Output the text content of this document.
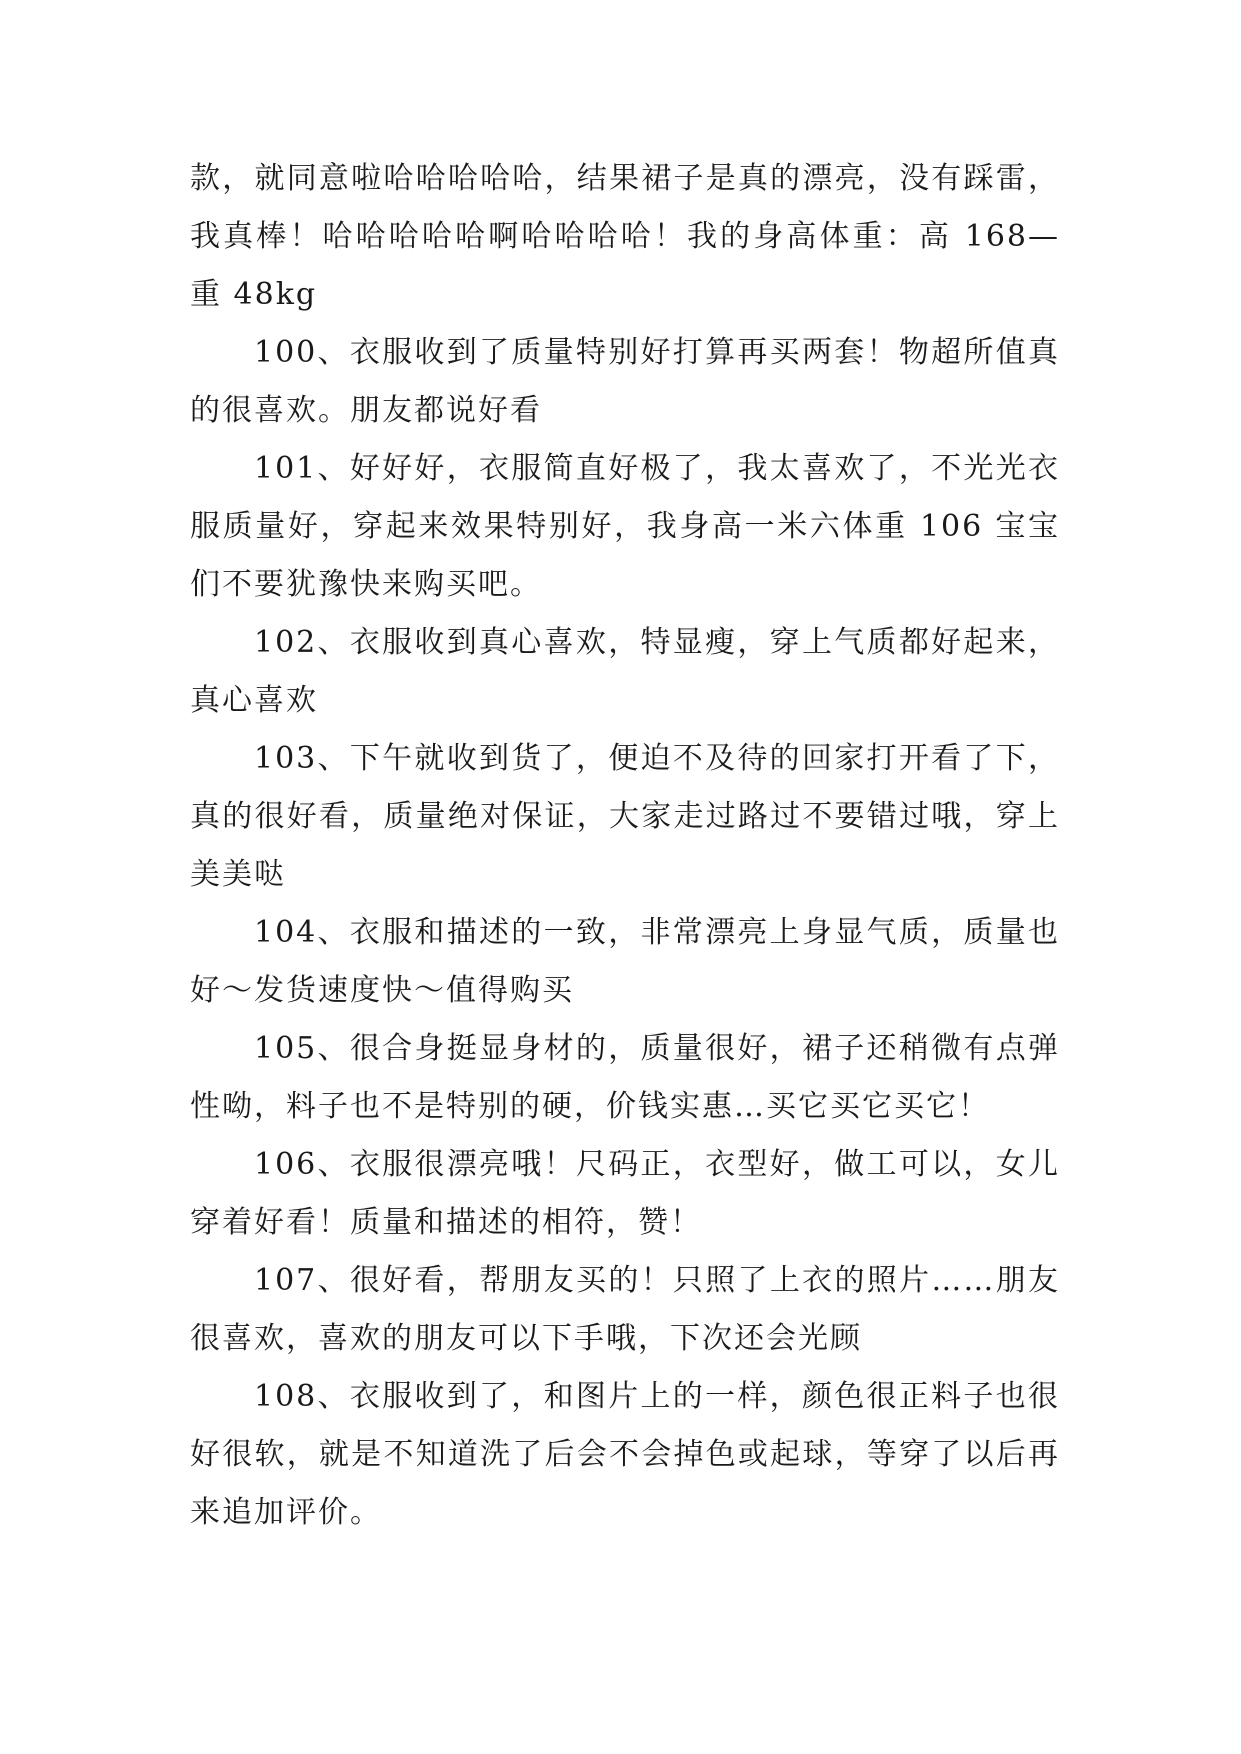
款，就同意啦哈哈哈哈哈，结果裙子是真的漂亮，没有踩雷，我真棒！哈哈哈哈哈啊哈哈哈哈！我的身高体重：高 168—重 48kg

100、衣服收到了质量特别好打算再买两套！物超所值真的很喜欢。朋友都说好看

101、好好好，衣服简直好极了，我太喜欢了，不光光衣服质量好，穿起来效果特别好，我身高一米六体重 106 宝宝们不要犹豫快来购买吧。

102、衣服收到真心喜欢，特显瘦，穿上气质都好起来，真心喜欢

103、下午就收到货了，便迫不及待的回家打开看了下，真的很好看，质量绝对保证，大家走过路过不要错过哦，穿上美美哒

104、衣服和描述的一致，非常漂亮上身显气质，质量也好～发货速度快～值得购买

105、很合身挺显身材的，质量很好，裙子还稍微有点弹性呦，料子也不是特别的硬，价钱实惠…买它买它买它！

106、衣服很漂亮哦！尺码正，衣型好，做工可以，女儿穿着好看！质量和描述的相符，赞！

107、很好看，帮朋友买的！只照了上衣的照片……朋友很喜欢，喜欢的朋友可以下手哦，下次还会光顾

108、衣服收到了，和图片上的一样，颜色很正料子也很好很软，就是不知道洗了后会不会掉色或起球，等穿了以后再来追加评价。
